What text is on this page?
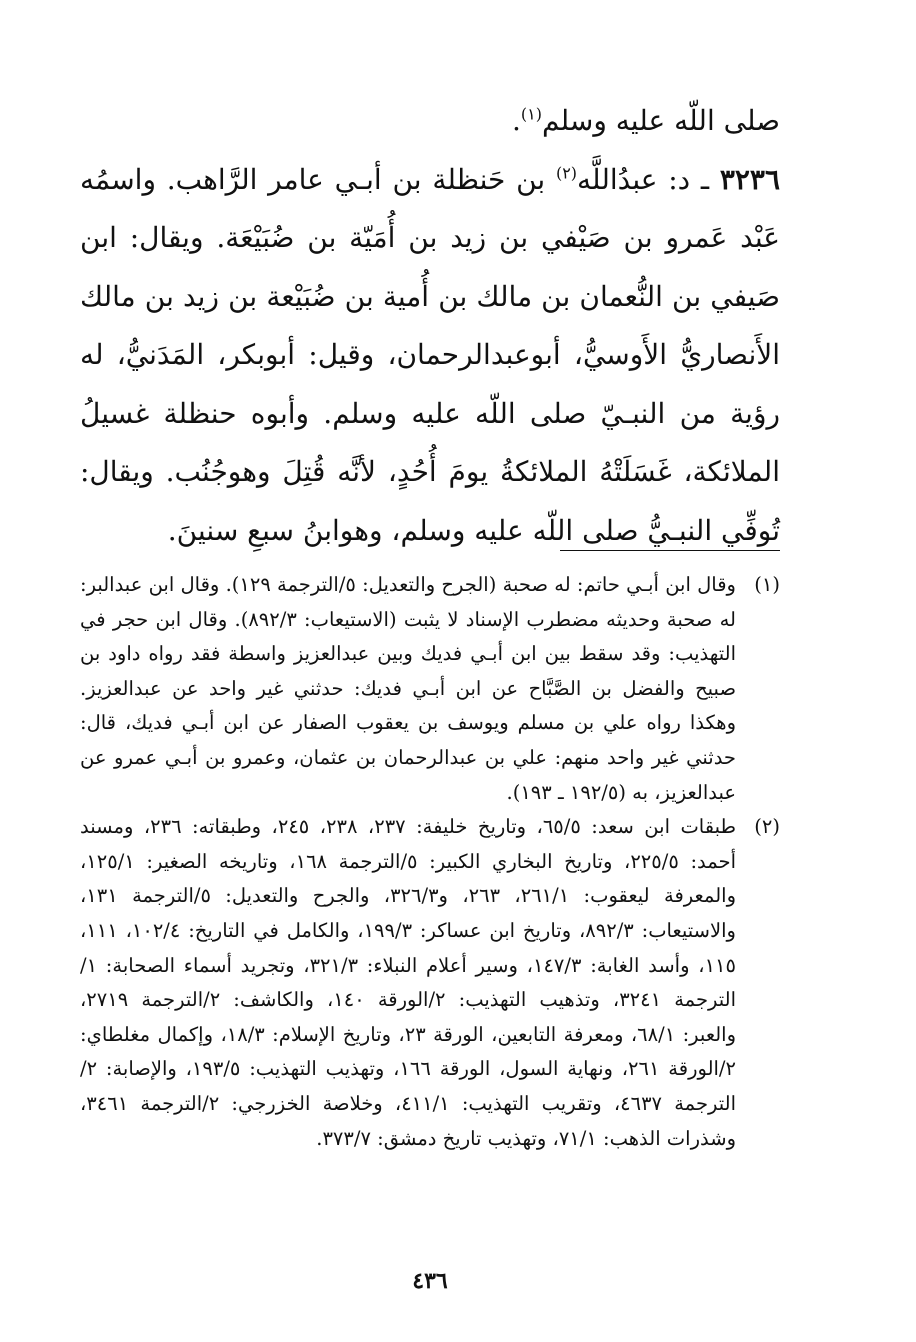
صلى اللّه عليه وسلم$^{(١)}$.

٣٢٣٦ ـ د: عبدُاللَّه$^{(٢)}$ بن حَنظلة بن أبـي عامر الرَّاهب. واسمُه عَبْد عَمرو بن صَيْفي بن زيد بن أُمَيّة بن ضُبَيْعَة. ويقال: ابن صَيفي بن النُّعمان بن مالك بن أُمية بن ضُبَيْعة بن زيد بن مالك الأَنصاريُّ الأَوسيُّ، أبوعبدالرحمان، وقيل: أبوبكر، المَدَنيُّ، له رؤية من النبـيّ صلى اللّه عليه وسلم. وأبوه حنظلة غسيلُ الملائكة، غَسَلَتْهُ الملائكةُ يومَ أُحُدٍ، لأنَّه قُتِلَ وهوجُنُب. ويقال: تُوفِّي النبـيُّ صلى اللّه عليه وسلم، وهوابنُ سبعِ سنينَ.

(١)
وقال ابن أبـي حاتم: له صحبة (الجرح والتعديل: ٥/الترجمة ١٢٩). وقال ابن عبدالبر: له صحبة وحديثه مضطرب الإسناد لا يثبت (الاستيعاب: ٨٩٢/٣). وقال ابن حجر في التهذيب: وقد سقط بين ابن أبـي فديك وبين عبدالعزيز واسطة فقد رواه داود بن صبيح والفضل بن الصَّبَّاح عن ابن أبـي فديك: حدثني غير واحد عن عبدالعزيز. وهكذا رواه علي بن مسلم ويوسف بن يعقوب الصفار عن ابن أبـي فديك، قال: حدثني غير واحد منهم: علي بن عبدالرحمان بن عثمان، وعمرو بن أبـي عمرو عن عبدالعزيز، به (١٩٢/٥ ـ ١٩٣).

(٢)
طبقات ابن سعد: ٦٥/٥، وتاريخ خليفة: ٢٣٧، ٢٣٨، ٢٤٥، وطبقاته: ٢٣٦، ومسند أحمد: ٢٢٥/٥، وتاريخ البخاري الكبير: ٥/الترجمة ١٦٨، وتاريخه الصغير: ١٢٥/١، والمعرفة ليعقوب: ٢٦١/١، ٢٦٣، و٣٢٦/٣، والجرح والتعديل: ٥/الترجمة ١٣١، والاستيعاب: ٨٩٢/٣، وتاريخ ابن عساكر: ١٩٩/٣، والكامل في التاريخ: ١٠٢/٤، ١١١، ١١٥، وأسد الغابة: ١٤٧/٣، وسير أعلام النبلاء: ٣٢١/٣، وتجريد أسماء الصحابة: ١/الترجمة ٣٢٤١، وتذهيب التهذيب: ٢/الورقة ١٤٠، والكاشف: ٢/الترجمة ٢٧١٩، والعبر: ٦٨/١، ومعرفة التابعين، الورقة ٢٣، وتاريخ الإسلام: ١٨/٣، وإكمال مغلطاي: ٢/الورقة ٢٦١، ونهاية السول، الورقة ١٦٦، وتهذيب التهذيب: ١٩٣/٥، والإصابة: ٢/الترجمة ٤٦٣٧، وتقريب التهذيب: ٤١١/١، وخلاصة الخزرجي: ٢/الترجمة ٣٤٦١، وشذرات الذهب: ٧١/١، وتهذيب تاريخ دمشق: ٣٧٣/٧.

٤٣٦
